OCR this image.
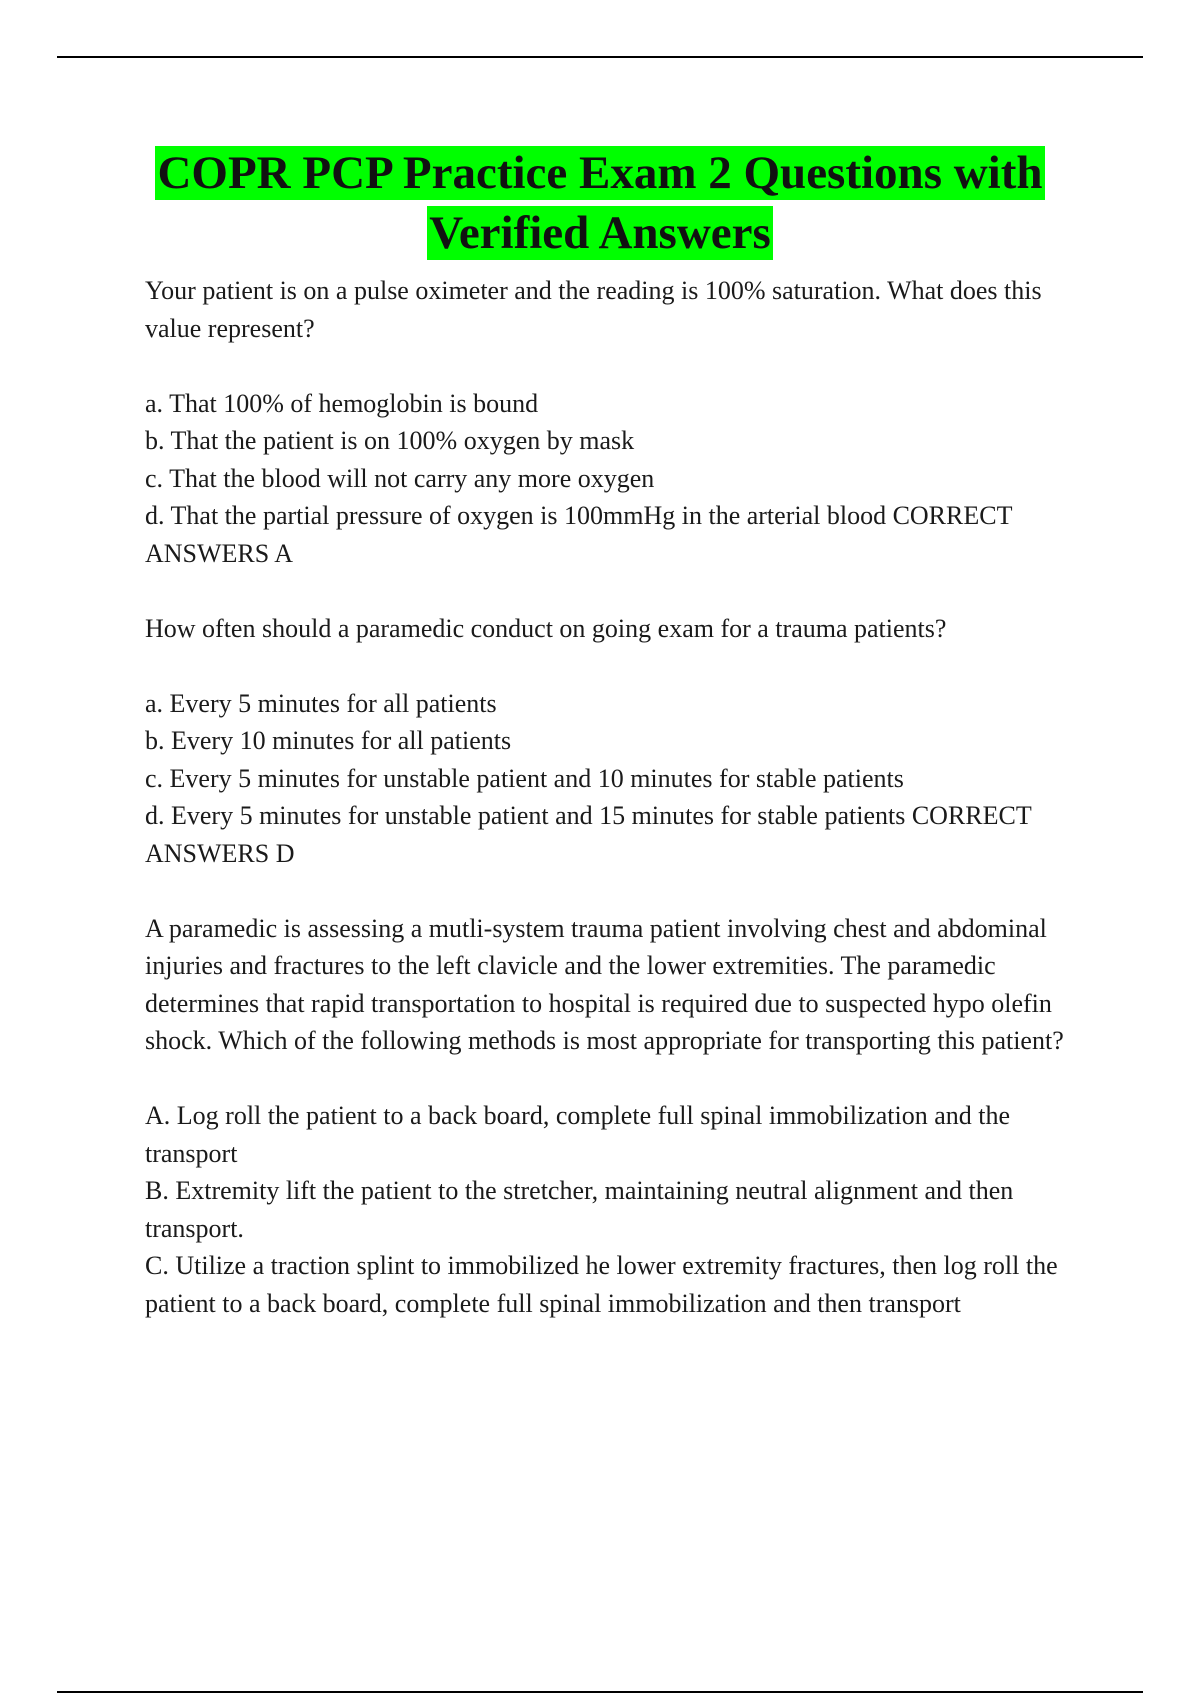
COPR PCP Practice Exam 2 Questions with
Verified Answers

Your patient is on a pulse oximeter and the reading is 100% saturation. What does this value represent?

a. That 100% of hemoglobin is bound

b. That the patient is on 100% oxygen by mask

c. That the blood will not carry any more oxygen

d. That the partial pressure of oxygen is 100mmHg in the arterial blood CORRECT ANSWERS A

How often should a paramedic conduct on going exam for a trauma patients?

a. Every 5 minutes for all patients

b. Every 10 minutes for all patients

c. Every 5 minutes for unstable patient and 10 minutes for stable patients

d. Every 5 minutes for unstable patient and 15 minutes for stable patients CORRECT ANSWERS D

A paramedic is assessing a mutli-system trauma patient involving chest and abdominal injuries and fractures to the left clavicle and the lower extremities. The paramedic determines that rapid transportation to hospital is required due to suspected hypo olefin shock. Which of the following methods is most appropriate for transporting this patient?

A. Log roll the patient to a back board, complete full spinal immobilization and the transport

B. Extremity lift the patient to the stretcher, maintaining neutral alignment and then transport.

C. Utilize a traction splint to immobilized he lower extremity fractures, then log roll the patient to a back board, complete full spinal immobilization and then transport
